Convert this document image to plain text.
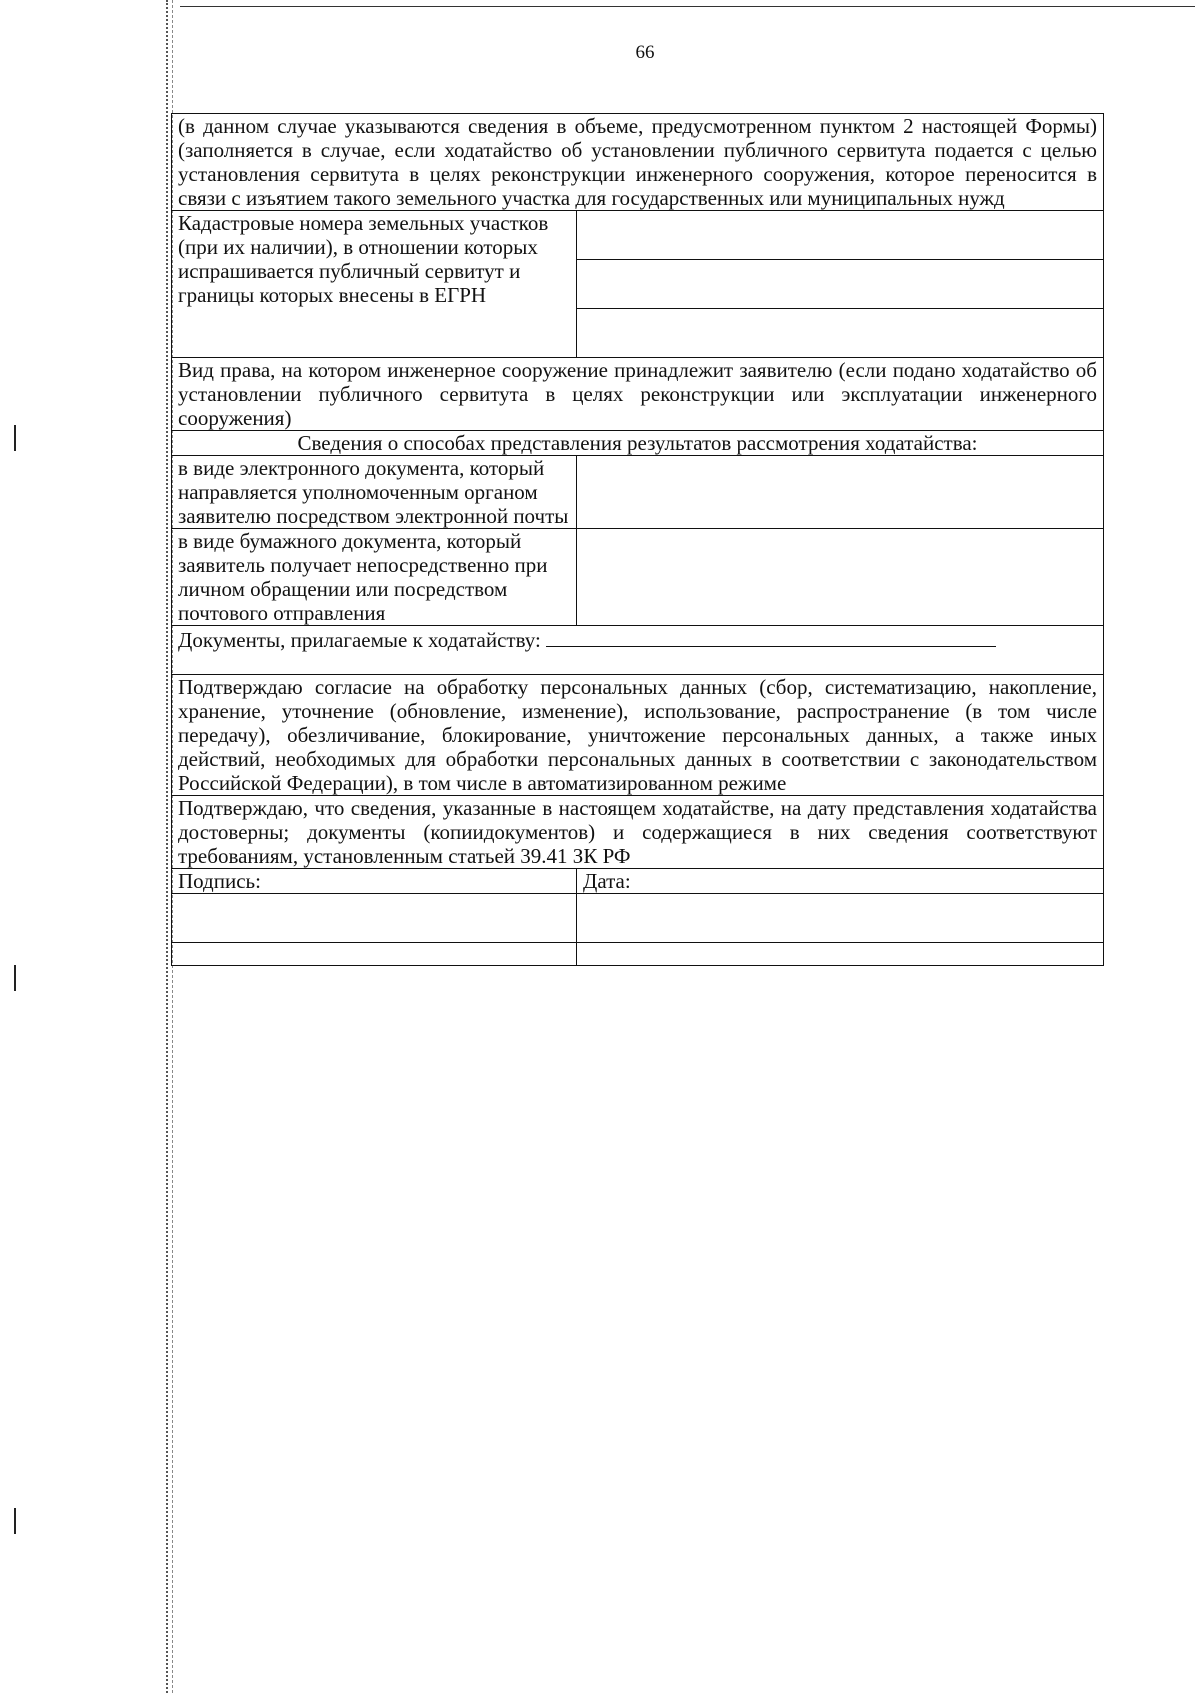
66
(в данном случае указываются сведения в объеме, предусмотренном пунктом 2 настоящей Формы) (заполняется в случае, если ходатайство об установлении публичного сервитута подается с целью установления сервитута в целях реконструкции инженерного сооружения, которое переносится в связи с изъятием такого земельного участка для государственных или муниципальных нужд	
Кадастровые номера земельных участков (при их наличии), в отношении которых испрашивается публичный сервитут и границы которых внесены в ЕГРН	

Вид права, на котором инженерное сооружение принадлежит заявителю (если подано ходатайство об установлении публичного сервитута в целях реконструкции или эксплуатации инженерного сооружения)	
Сведения о способах представления результатов рассмотрения ходатайства:	
в виде электронного документа, который направляется уполномоченным органом заявителю посредством электронной почты	
в виде бумажного документа, который заявитель получает непосредственно при личном обращении или посредством почтового отправления	
Документы, прилагаемые к ходатайству:	
Подтверждаю согласие на обработку персональных данных (сбор, систематизацию, накопление, хранение, уточнение (обновление, изменение), использование, распространение (в том числе передачу), обезличивание, блокирование, уничтожение персональных данных, а также иных действий, необходимых для обработки персональных данных в соответствии с законодательством Российской Федерации), в том числе в автоматизированном режиме	
Подтверждаю, что сведения, указанные в настоящем ходатайстве, на дату представления ходатайства достоверны; документы (копиидокументов) и содержащиеся в них сведения соответствуют требованиям, установленным статьей 39.41 ЗК РФ	
Подпись:	Дата:
